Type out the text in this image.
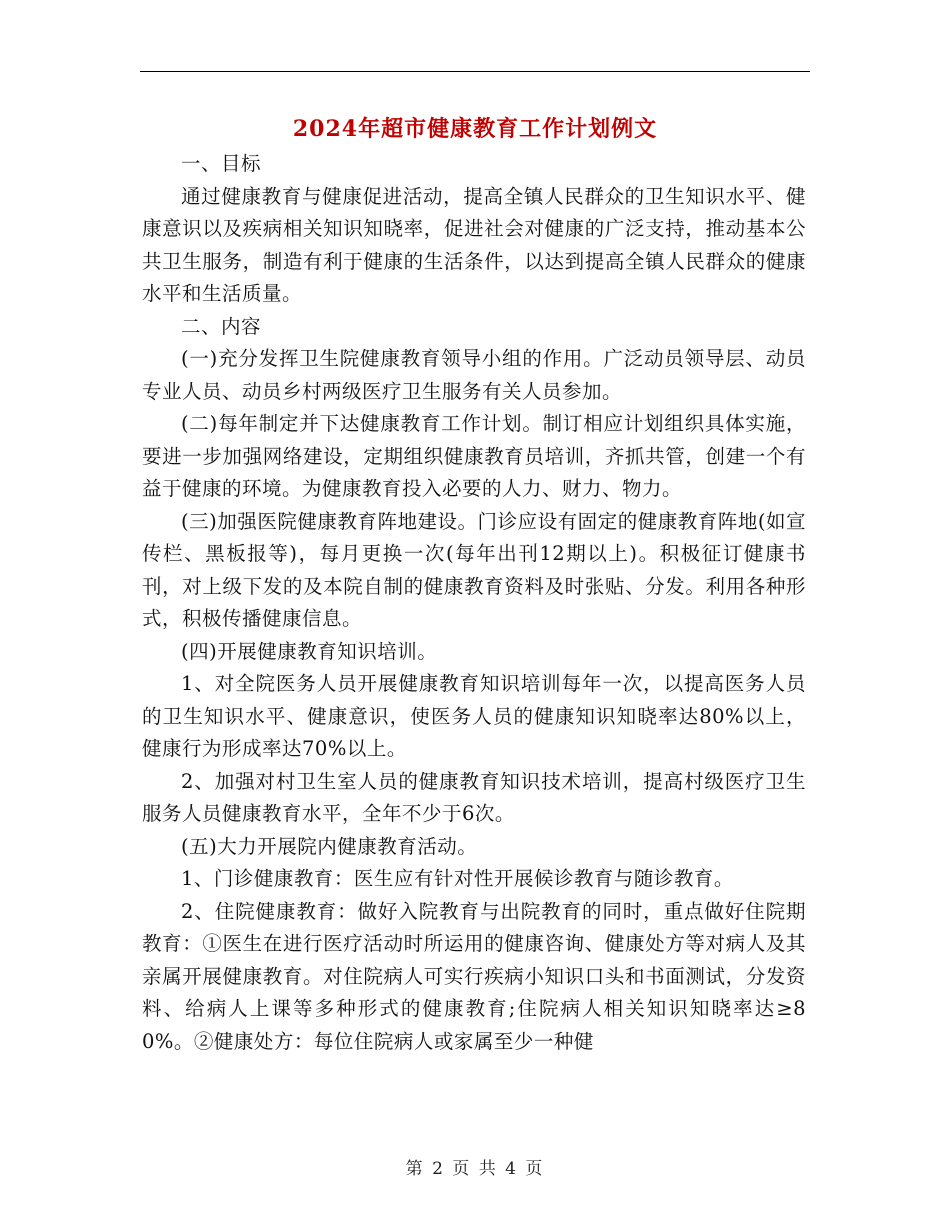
2024年超市健康教育工作计划例文

一、目标

通过健康教育与健康促进活动，提高全镇人民群众的卫生知识水平、健康意识以及疾病相关知识知晓率，促进社会对健康的广泛支持，推动基本公共卫生服务，制造有利于健康的生活条件，以达到提高全镇人民群众的健康水平和生活质量。

二、内容

(一)充分发挥卫生院健康教育领导小组的作用。广泛动员领导层、动员专业人员、动员乡村两级医疗卫生服务有关人员参加。

(二)每年制定并下达健康教育工作计划。制订相应计划组织具体实施，要进一步加强网络建设，定期组织健康教育员培训，齐抓共管，创建一个有益于健康的环境。为健康教育投入必要的人力、财力、物力。

(三)加强医院健康教育阵地建设。门诊应设有固定的健康教育阵地(如宣传栏、黑板报等)，每月更换一次(每年出刊12期以上)。积极征订健康书刊，对上级下发的及本院自制的健康教育资料及时张贴、分发。利用各种形式，积极传播健康信息。

(四)开展健康教育知识培训。

1、对全院医务人员开展健康教育知识培训每年一次，以提高医务人员的卫生知识水平、健康意识，使医务人员的健康知识知晓率达80%以上，健康行为形成率达70%以上。

2、加强对村卫生室人员的健康教育知识技术培训，提高村级医疗卫生服务人员健康教育水平，全年不少于6次。

(五)大力开展院内健康教育活动。

1、门诊健康教育：医生应有针对性开展候诊教育与随诊教育。

2、住院健康教育：做好入院教育与出院教育的同时，重点做好住院期教育：①医生在进行医疗活动时所运用的健康咨询、健康处方等对病人及其亲属开展健康教育。对住院病人可实行疾病小知识口头和书面测试，分发资料、给病人上课等多种形式的健康教育;住院病人相关知识知晓率达≥80%。②健康处方：每位住院病人或家属至少一种健

第 2 页 共 4 页
